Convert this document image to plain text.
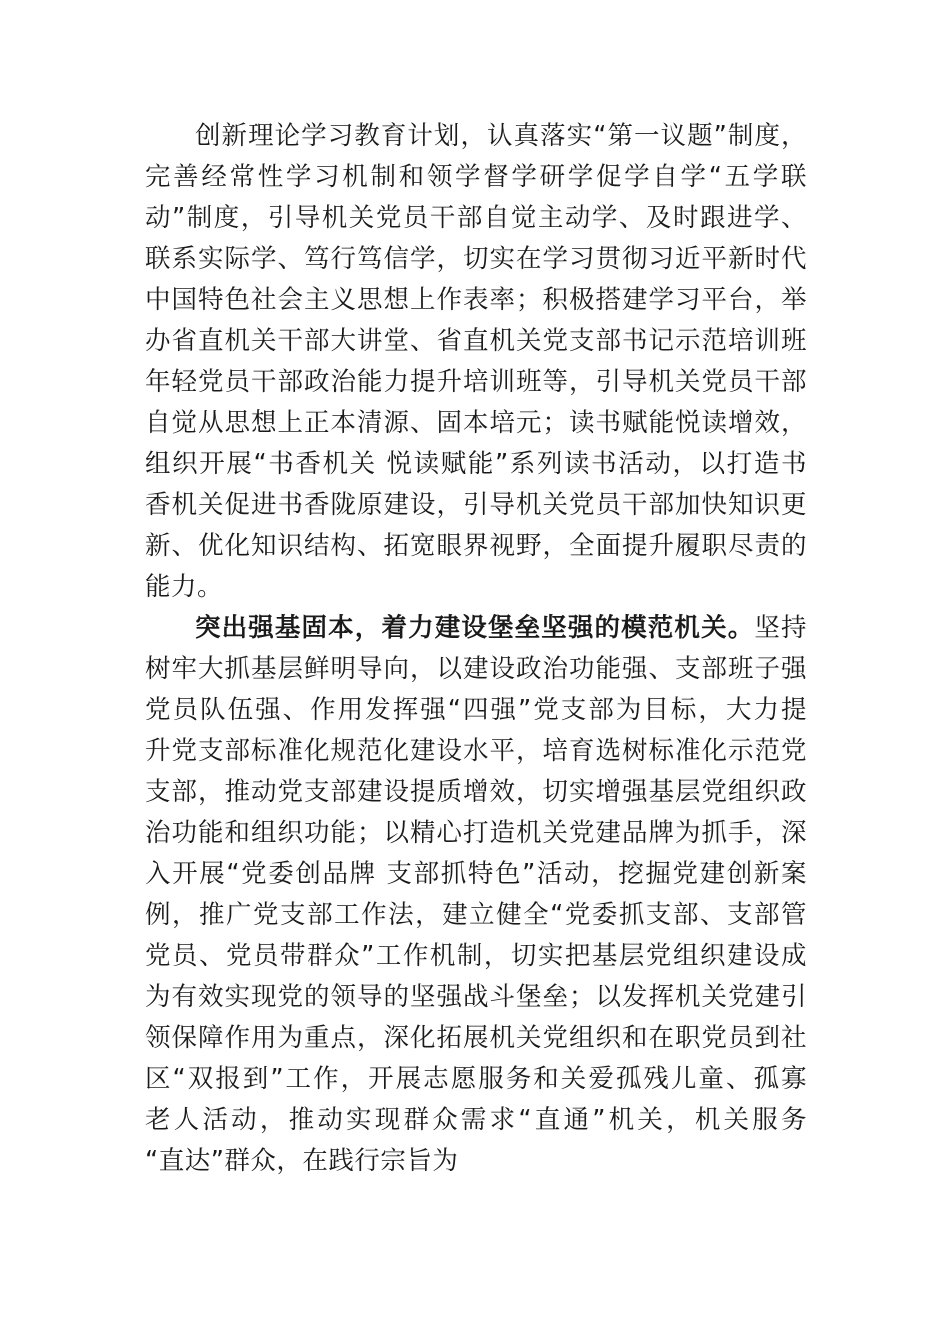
创新理论学习教育计划，认真落实“第一议题”制度，
完善经常性学习机制和领学督学研学促学自学“五学联
动”制度，引导机关党员干部自觉主动学、及时跟进学、
联系实际学、笃行笃信学，切实在学习贯彻习近平新时代
中国特色社会主义思想上作表率；积极搭建学习平台，举
办省直机关干部大讲堂、省直机关党支部书记示范培训班
年轻党员干部政治能力提升培训班等，引导机关党员干部
自觉从思想上正本清源、固本培元；读书赋能悦读增效，
组织开展“书香机关 悦读赋能”系列读书活动，以打造书
香机关促进书香陇原建设，引导机关党员干部加快知识更
新、优化知识结构、拓宽眼界视野，全面提升履职尽责的
能力。
突出强基固本，着力建设堡垒坚强的模范机关。坚持
树牢大抓基层鲜明导向，以建设政治功能强、支部班子强
党员队伍强、作用发挥强“四强”党支部为目标，大力提
升党支部标准化规范化建设水平，培育选树标准化示范党
支部，推动党支部建设提质增效，切实增强基层党组织政
治功能和组织功能；以精心打造机关党建品牌为抓手，深
入开展“党委创品牌 支部抓特色”活动，挖掘党建创新案
例，推广党支部工作法，建立健全“党委抓支部、支部管
党员、党员带群众”工作机制，切实把基层党组织建设成
为有效实现党的领导的坚强战斗堡垒；以发挥机关党建引
领保障作用为重点，深化拓展机关党组织和在职党员到社
区“双报到”工作，开展志愿服务和关爱孤残儿童、孤寡
老人活动，推动实现群众需求“直通”机关，机关服务
“直达”群众，在践行宗旨为
